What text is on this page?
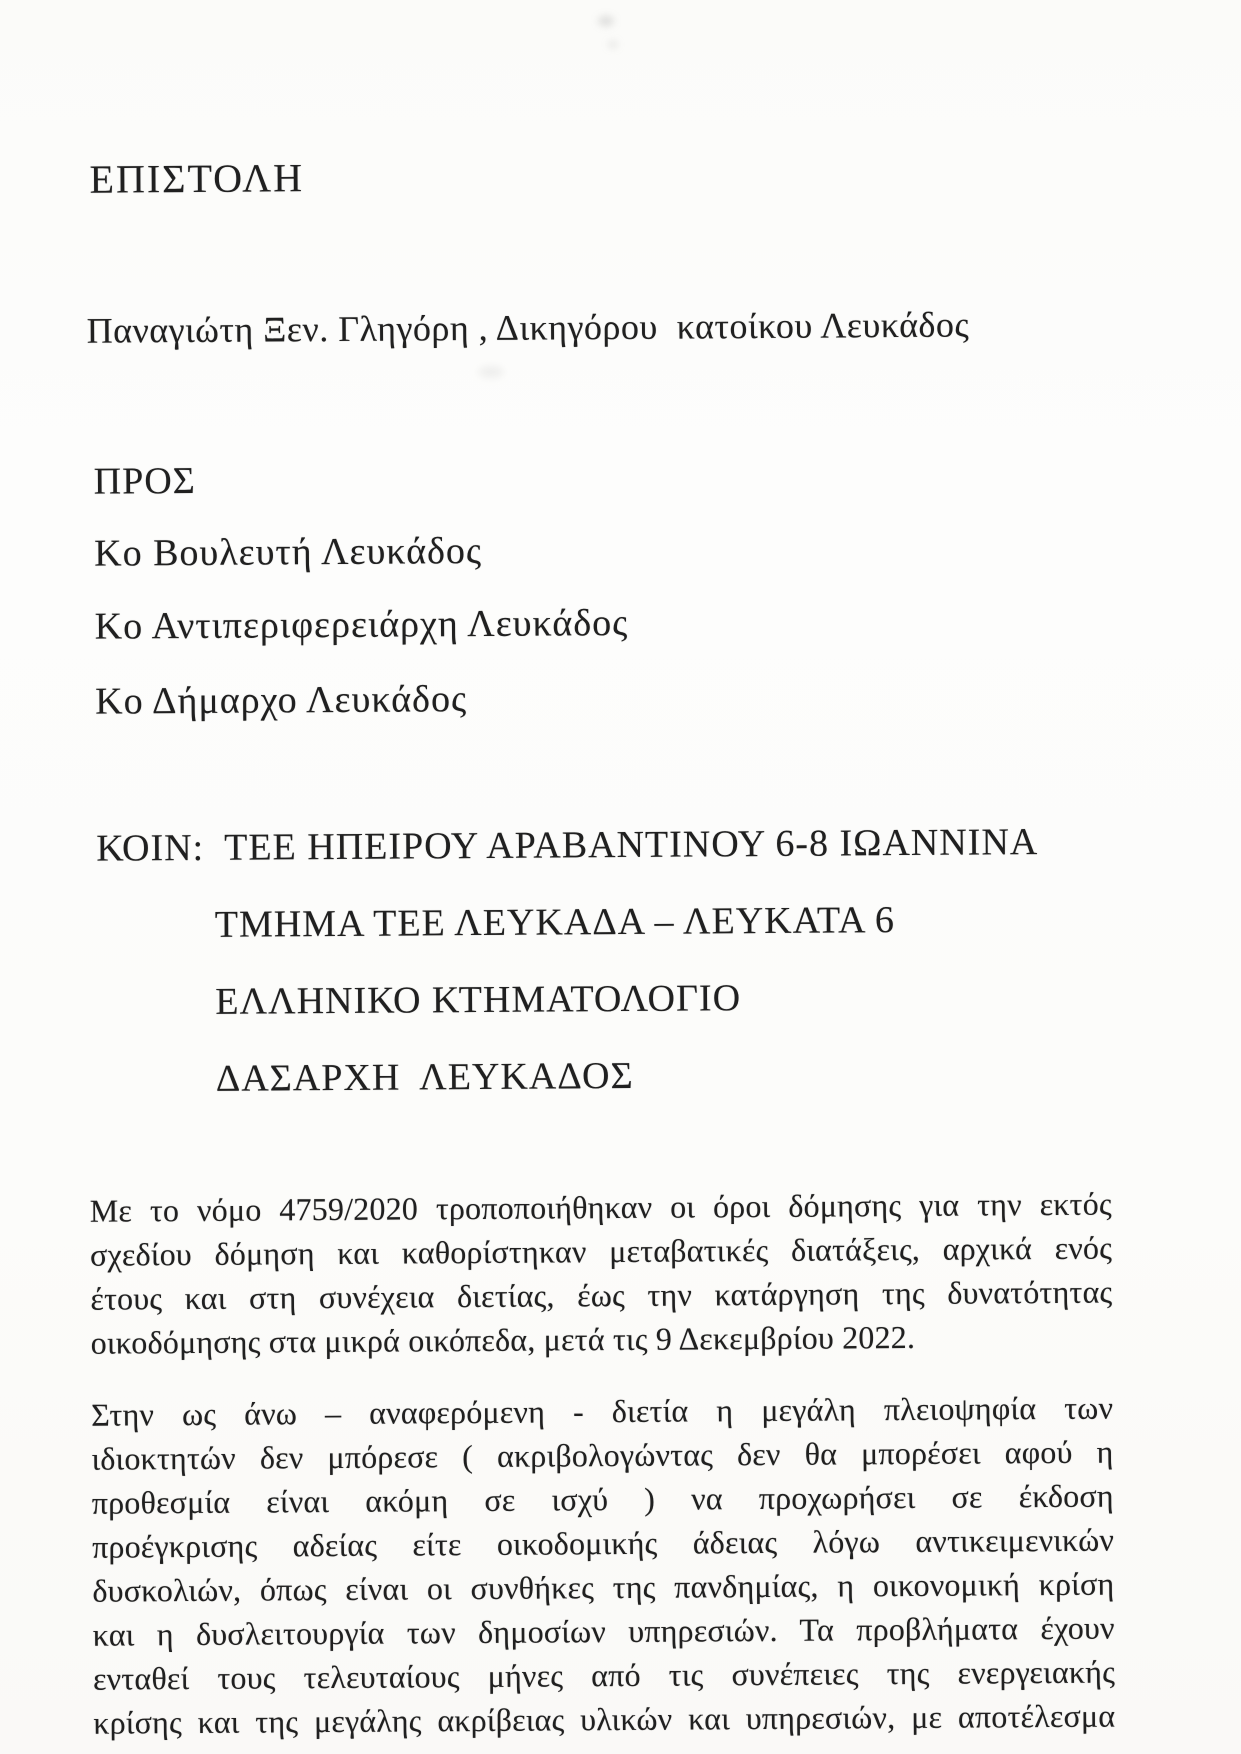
ΕΠΙΣΤΟΛΗ
Παναγιώτη Ξεν. Γληγόρη , Δικηγόρου  κατοίκου Λευκάδος
ΠΡΟΣ
Κο Βουλευτή Λευκάδος
Κο Αντιπεριφερειάρχη Λευκάδος
Κο Δήμαρχο Λευκάδος
ΚΟΙΝ: ΤΕΕ ΗΠΕΙΡΟΥ ΑΡΑΒΑΝΤΙΝΟΥ 6-8 ΙΩΑΝΝΙΝΑ
ΤΜΗΜΑ ΤΕΕ ΛΕΥΚΑΔΑ – ΛΕΥΚΑΤΑ 6
ΕΛΛΗΝΙΚΟ ΚΤΗΜΑΤΟΛΟΓΙΟ
ΔΑΣΑΡΧΗ  ΛΕΥΚΑΔΟΣ
Με το νόμο 4759/2020 τροποποιήθηκαν οι όροι δόμησης για την εκτός
σχεδίου δόμηση και καθορίστηκαν μεταβατικές διατάξεις, αρχικά ενός
έτους και στη συνέχεια διετίας, έως την κατάργηση της δυνατότητας
οικοδόμησης στα μικρά οικόπεδα, μετά τις 9 Δεκεμβρίου 2022.
Στην ως άνω – αναφερόμενη - διετία η μεγάλη πλειοψηφία των
ιδιοκτητών δεν μπόρεσε ( ακριβολογώντας δεν θα μπορέσει αφού η
προθεσμία είναι ακόμη σε ισχύ ) να προχωρήσει σε έκδοση
προέγκρισης αδείας είτε οικοδομικής άδειας λόγω αντικειμενικών
δυσκολιών, όπως είναι οι συνθήκες της πανδημίας, η οικονομική κρίση
και η δυσλειτουργία των δημοσίων υπηρεσιών. Τα προβλήματα έχουν
ενταθεί τους τελευταίους μήνες από τις συνέπειες της ενεργειακής
κρίσης και της μεγάλης ακρίβειας υλικών και υπηρεσιών, με αποτέλεσμα
